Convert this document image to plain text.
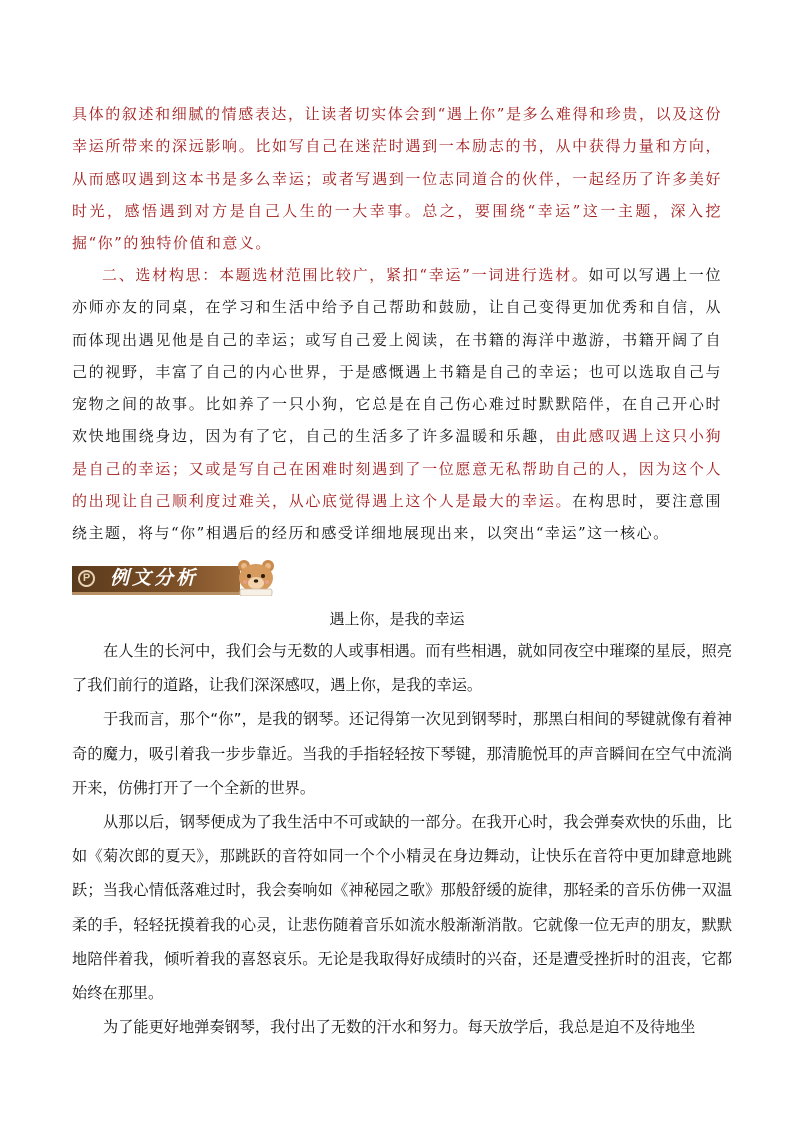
具体的叙述和细腻的情感表达，让读者切实体会到“遇上你”是多么难得和珍贵，以及这份幸运所带来的深远影响。比如写自己在迷茫时遇到一本励志的书，从中获得力量和方向，从而感叹遇到这本书是多么幸运；或者写遇到一位志同道合的伙伴，一起经历了许多美好时光，感悟遇到对方是自己人生的一大幸事。总之，要围绕“幸运”这一主题，深入挖掘“你”的独特价值和意义。

二、选材构思：本题选材范围比较广，紧扣“幸运”一词进行选材。如可以写遇上一位亦师亦友的同桌，在学习和生活中给予自己帮助和鼓励，让自己变得更加优秀和自信，从而体现出遇见他是自己的幸运；或写自己爱上阅读，在书籍的海洋中遨游，书籍开阔了自己的视野，丰富了自己的内心世界，于是感慨遇上书籍是自己的幸运；也可以选取自己与宠物之间的故事。比如养了一只小狗，它总是在自己伤心难过时默默陪伴，在自己开心时欢快地围绕身边，因为有了它，自己的生活多了许多温暖和乐趣，由此感叹遇上这只小狗是自己的幸运；又或是写自己在困难时刻遇到了一位愿意无私帮助自己的人，因为这个人的出现让自己顺利度过难关，从心底觉得遇上这个人是最大的幸运。在构思时，要注意围绕主题，将与“你”相遇后的经历和感受详细地展现出来，以突出“幸运”这一核心。

P 例文分析
遇上你，是我的幸运

在人生的长河中，我们会与无数的人或事相遇。而有些相遇，就如同夜空中璀璨的星辰，照亮了我们前行的道路，让我们深深感叹，遇上你，是我的幸运。

于我而言，那个“你”，是我的钢琴。还记得第一次见到钢琴时，那黑白相间的琴键就像有着神奇的魔力，吸引着我一步步靠近。当我的手指轻轻按下琴键，那清脆悦耳的声音瞬间在空气中流淌开来，仿佛打开了一个全新的世界。

从那以后，钢琴便成为了我生活中不可或缺的一部分。在我开心时，我会弹奏欢快的乐曲，比如《菊次郎的夏天》，那跳跃的音符如同一个个小精灵在身边舞动，让快乐在音符中更加肆意地跳跃；当我心情低落难过时，我会奏响如《神秘园之歌》那般舒缓的旋律，那轻柔的音乐仿佛一双温柔的手，轻轻抚摸着我的心灵，让悲伤随着音乐如流水般渐渐消散。它就像一位无声的朋友，默默地陪伴着我，倾听着我的喜怒哀乐。无论是我取得好成绩时的兴奋，还是遭受挫折时的沮丧，它都始终在那里。

为了能更好地弹奏钢琴，我付出了无数的汗水和努力。每天放学后，我总是迫不及待地坐
